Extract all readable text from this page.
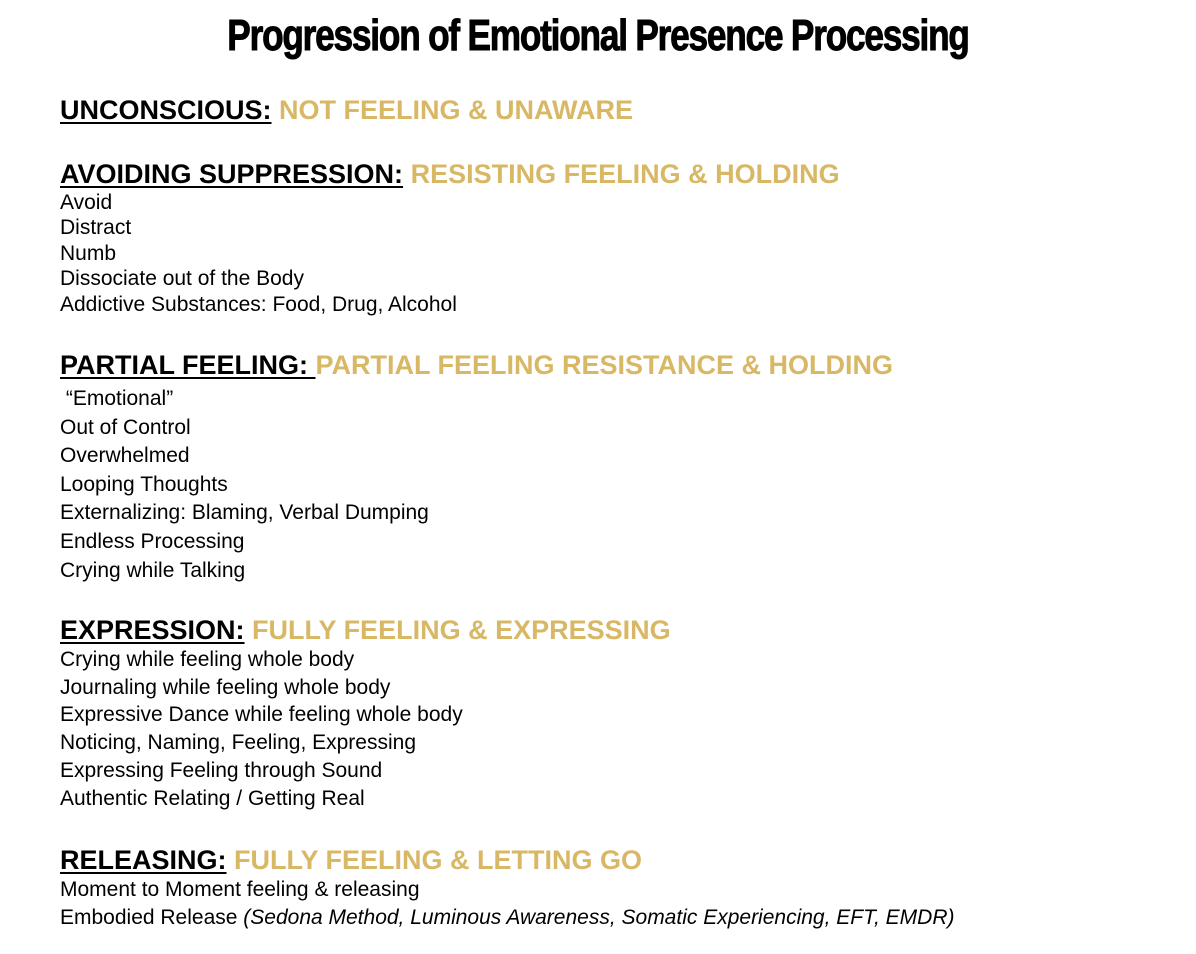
Progression of Emotional Presence Processing
UNCONSCIOUS: NOT FEELING & UNAWARE
AVOIDING SUPPRESSION: RESISTING FEELING & HOLDING
Avoid
Distract
Numb
Dissociate out of the Body
Addictive Substances: Food, Drug, Alcohol
PARTIAL FEELING: PARTIAL FEELING RESISTANCE & HOLDING
“Emotional”
Out of Control
Overwhelmed
Looping Thoughts
Externalizing: Blaming, Verbal Dumping
Endless Processing
Crying while Talking
EXPRESSION: FULLY FEELING & EXPRESSING
Crying while feeling whole body
Journaling while feeling whole body
Expressive Dance while feeling whole body
Noticing, Naming, Feeling, Expressing
Expressing Feeling through Sound
Authentic Relating / Getting Real
RELEASING: FULLY FEELING & LETTING GO
Moment to Moment feeling & releasing
Embodied Release (Sedona Method, Luminous Awareness, Somatic Experiencing, EFT, EMDR)
